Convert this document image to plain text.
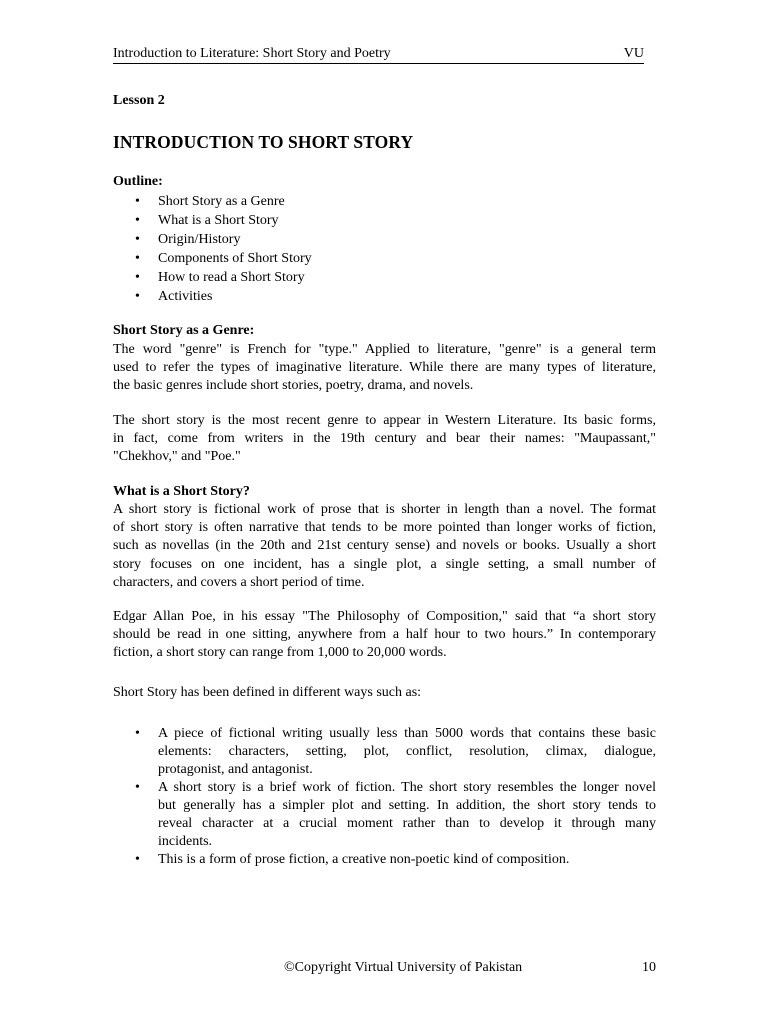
Introduction to Literature: Short Story and Poetry	VU
Lesson 2
INTRODUCTION TO SHORT STORY
Outline:
• Short Story as a Genre
• What is a Short Story
• Origin/History
• Components of Short Story
• How to read a Short Story
• Activities
Short Story as a Genre:
The word "genre" is French for "type." Applied to literature, "genre" is a general term
used to refer the types of imaginative literature. While there are many types of literature,
the basic genres include short stories, poetry, drama, and novels.
The short story is the most recent genre to appear in Western Literature. Its basic forms,
in fact, come from writers in the 19th century and bear their names: "Maupassant,"
"Chekhov," and "Poe."
What is a Short Story?
A short story is fictional work of prose that is shorter in length than a novel. The format
of short story is often narrative that tends to be more pointed than longer works of fiction,
such as novellas (in the 20th and 21st century sense) and novels or books. Usually a short
story focuses on one incident, has a single plot, a single setting, a small number of
characters, and covers a short period of time.
Edgar Allan Poe, in his essay "The Philosophy of Composition," said that “a short story
should be read in one sitting, anywhere from a half hour to two hours.” In contemporary
fiction, a short story can range from 1,000 to 20,000 words.
Short Story has been defined in different ways such as:
• A piece of fictional writing usually less than 5000 words that contains these basic
elements: characters, setting, plot, conflict, resolution, climax, dialogue,
protagonist, and antagonist.
• A short story is a brief work of fiction. The short story resembles the longer novel
but generally has a simpler plot and setting. In addition, the short story tends to
reveal character at a crucial moment rather than to develop it through many
incidents.
• This is a form of prose fiction, a creative non-poetic kind of composition.
©Copyright Virtual University of Pakistan	10
